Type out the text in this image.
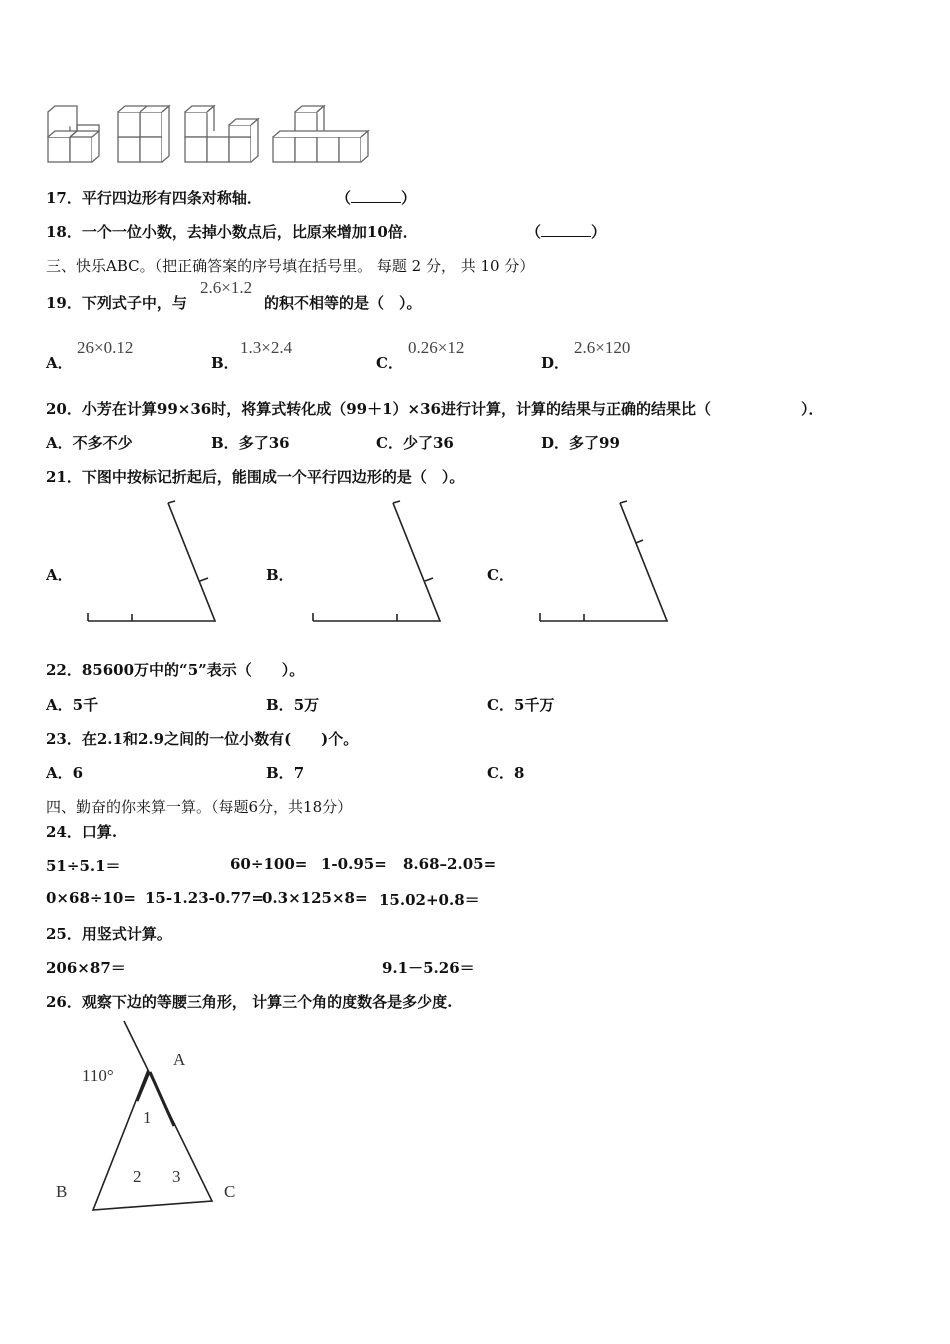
17．平行四边形有四条对称轴．	（	）
18．一个一位小数，去掉小数点后，比原来增加10倍．	（	）
三、快乐ABC。（把正确答案的序号填在括号里。 每题 2 分， 共 10 分）
19．下列式子中，与
2.6×1.2
的积不相等的是（　）。
A．
26×0.12
B．
1.3×2.4
C．
0.26×12
D．
2.6×120
20．小芳在计算99×36时，将算式转化成（99＋1）×36进行计算，计算的结果与正确的结果比（　　　　　　）．
A．不多不少	B．多了36	C．少了36	D．多了99
21．下图中按标记折起后，能围成一个平行四边形的是（　）。
A．	B．	C．
22．85600万中的“5”表示（　　）。
A．5千	B．5万	C．5千万
23．在2.1和2.9之间的一位小数有(　　)个。
A．6	B．7	C．8
四、勤奋的你来算一算。（每题6分，共18分）
24．口算.
51÷5.1＝	60÷100= 1-0.95= 8.68–2.05=
0×68÷10= 15-1.23-0.77=
0.3×125×8= 15.02+0.8＝
25．用竖式计算。
206×87＝	9.1－5.26＝
26．观察下边的等腰三角形， 计算三个角的度数各是多少度.
110°
A
B	C
1
2 3
